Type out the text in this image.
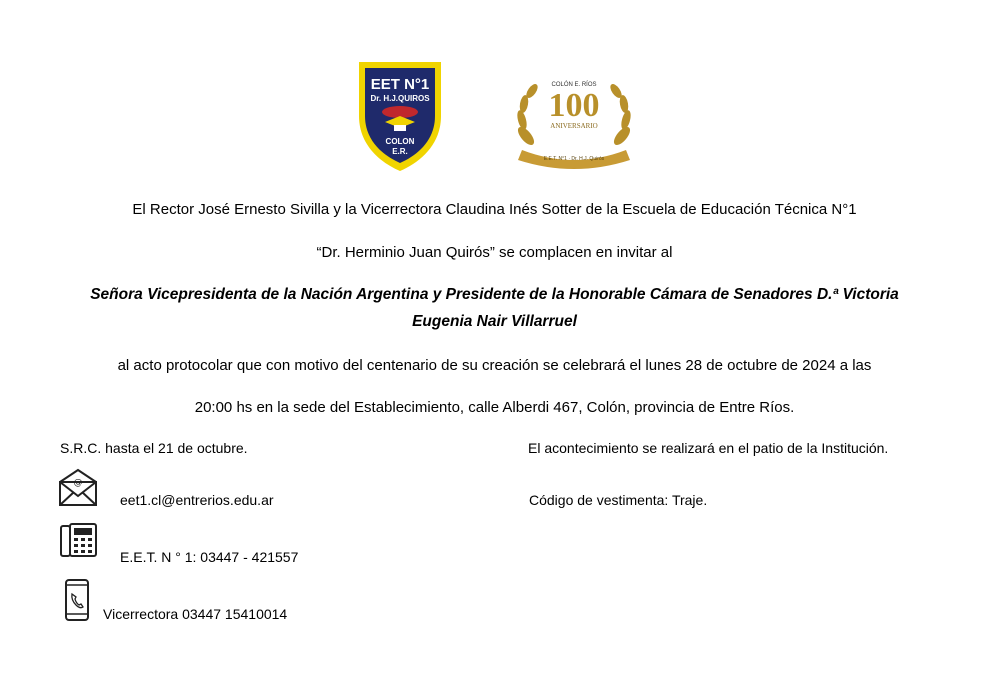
EET N°1
Dr. H.J.QUIROS
COLON
E.R.
COLÓN E. RÍOS
100
ANIVERSARIO
E.E.T. N°1 · Dr. H.J. Quirós
El Rector José Ernesto Sivilla y la Vicerrectora Claudina Inés Sotter de la Escuela de Educación Técnica N°1
“Dr. Herminio Juan Quirós” se complacen en invitar al
Señora Vicepresidenta de la Nación Argentina y Presidente de la Honorable Cámara de Senadores D.ª Victoria
Eugenia Nair Villarruel
al acto protocolar que con motivo del centenario de su creación se celebrará el lunes 28 de octubre de 2024 a las
20:00 hs en la sede del Establecimiento, calle Alberdi 467, Colón, provincia de Entre Ríos.
S.R.C. hasta el 21 de octubre.	El acontecimiento se realizará en el patio de la Institución.
@
eet1.cl@entrerios.edu.ar	Código de vestimenta: Traje.
E.E.T. N ° 1: 03447 - 421557
Vicerrectora 03447 15410014
